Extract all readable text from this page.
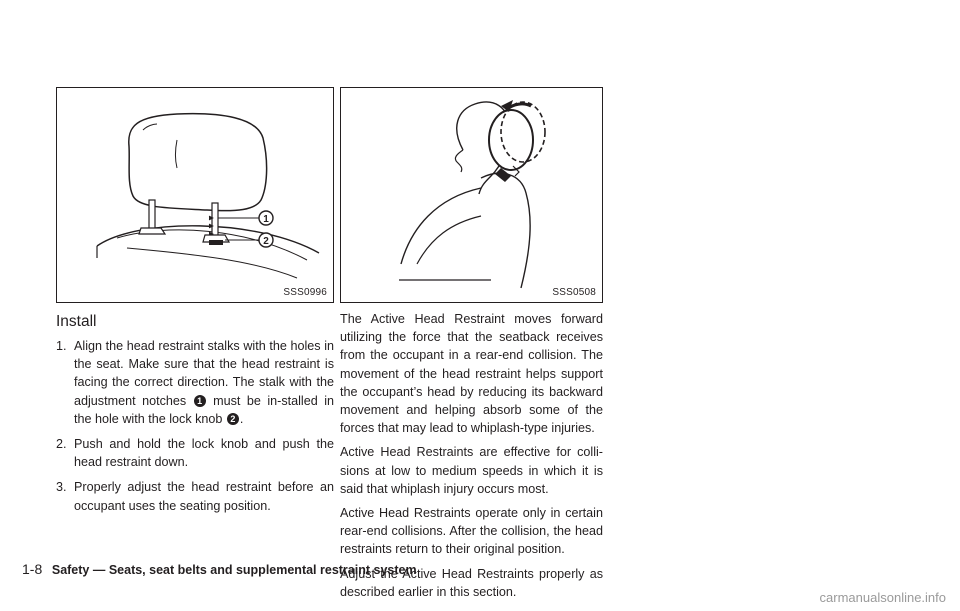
1
2
SSS0996	SSS0508
Install
1. Align the head restraint stalks with the holes in the seat. Make sure that the head restraint is facing the correct direction. The stalk with the adjustment notches 1 must be in-stalled in the hole with the lock knob 2 .
2. Push and hold the lock knob and push the head restraint down.
3. Properly adjust the head restraint before an occupant uses the seating position.

The Active Head Restraint moves forward utilizing the force that the seatback receives from the occupant in a rear-end collision. The movement of the head restraint helps support the occupant’s head by reducing its backward movement and helping absorb some of the forces that may lead to whiplash-type injuries.

Active Head Restraints are effective for colli-sions at low to medium speeds in which it is said that whiplash injury occurs most.

Active Head Restraints operate only in certain rear-end collisions. After the collision, the head restraints return to their original position.

Adjust the Active Head Restraints properly as described earlier in this section.

1-8 Safety — Seats, seat belts and supplemental restraint system
carmanualsonline.info
